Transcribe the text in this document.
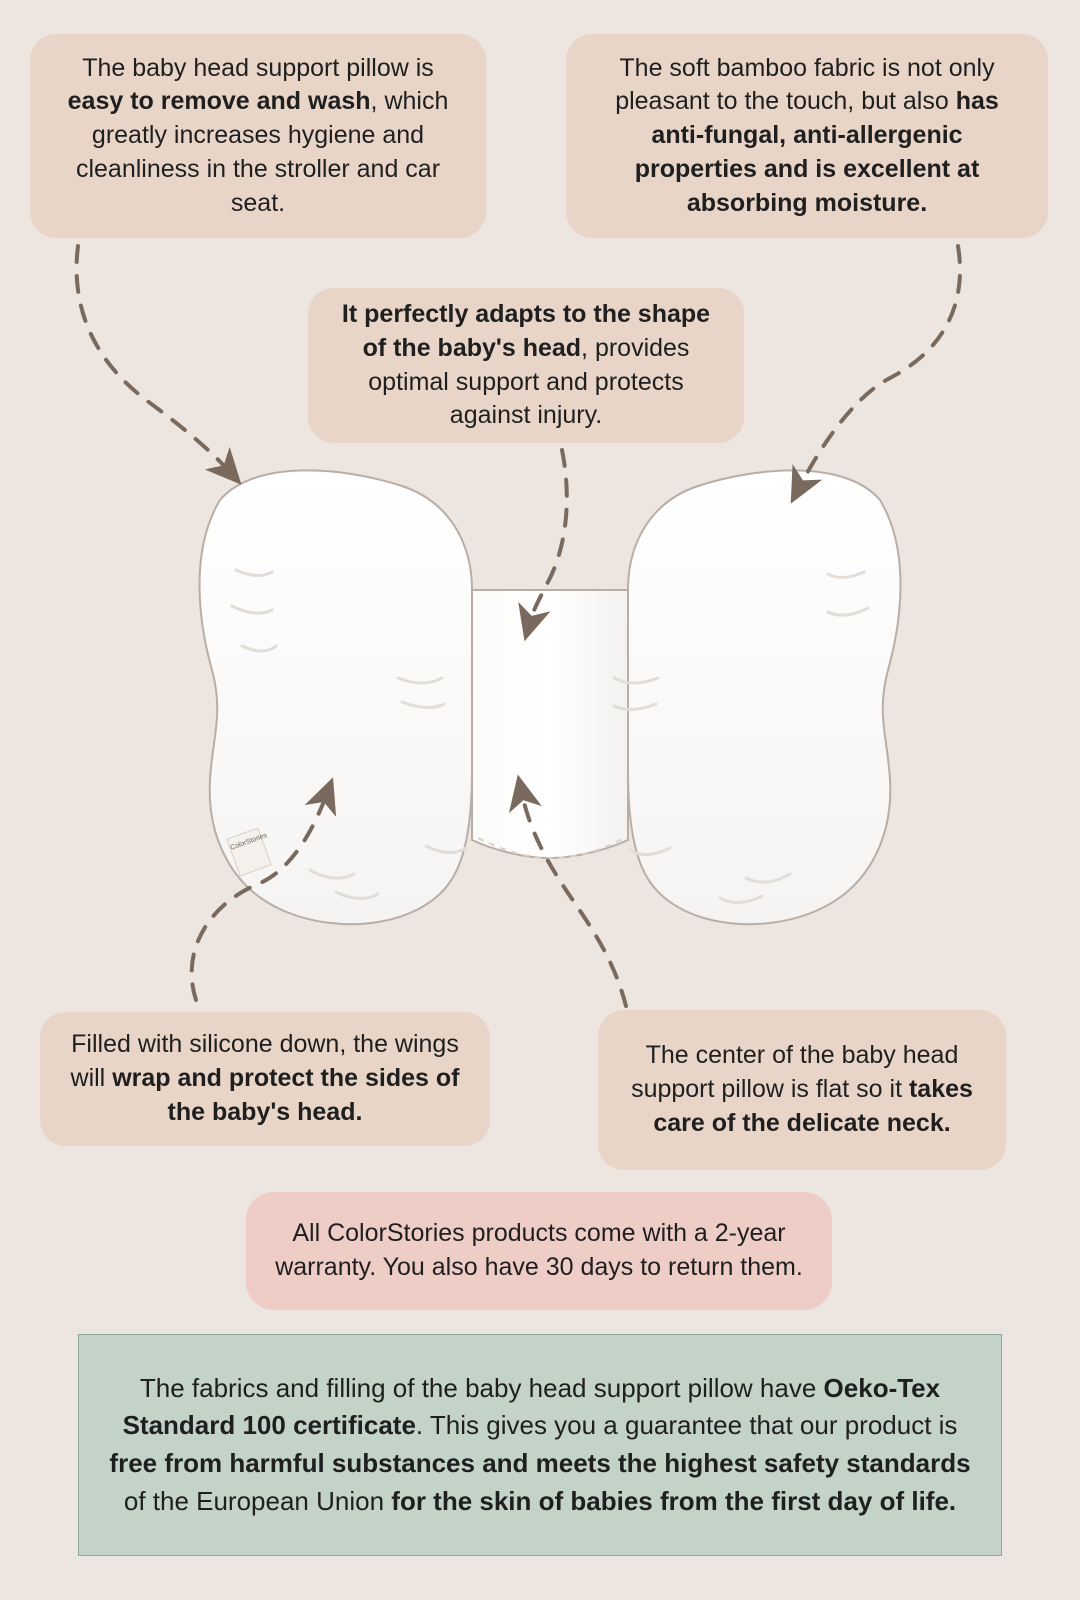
ColorStories

The baby head support pillow is easy to remove and wash, which greatly increases hygiene and cleanliness in the stroller and car seat.

The soft bamboo fabric is not only pleasant to the touch, but also has anti-fungal, anti-allergenic properties and is excellent at absorbing moisture.

It perfectly adapts to the shape of the baby's head, provides optimal support and protects against injury.

Filled with silicone down, the wings will wrap and protect the sides of the baby's head.

The center of the baby head support pillow is flat so it takes care of the delicate neck.

All ColorStories products come with a 2-year warranty. You also have 30 days to return them.

The fabrics and filling of the baby head support pillow have Oeko-Tex Standard 100 certificate. This gives you a guarantee that our product is free from harmful substances and meets the highest safety standards of the European Union for the skin of babies from the first day of life.
